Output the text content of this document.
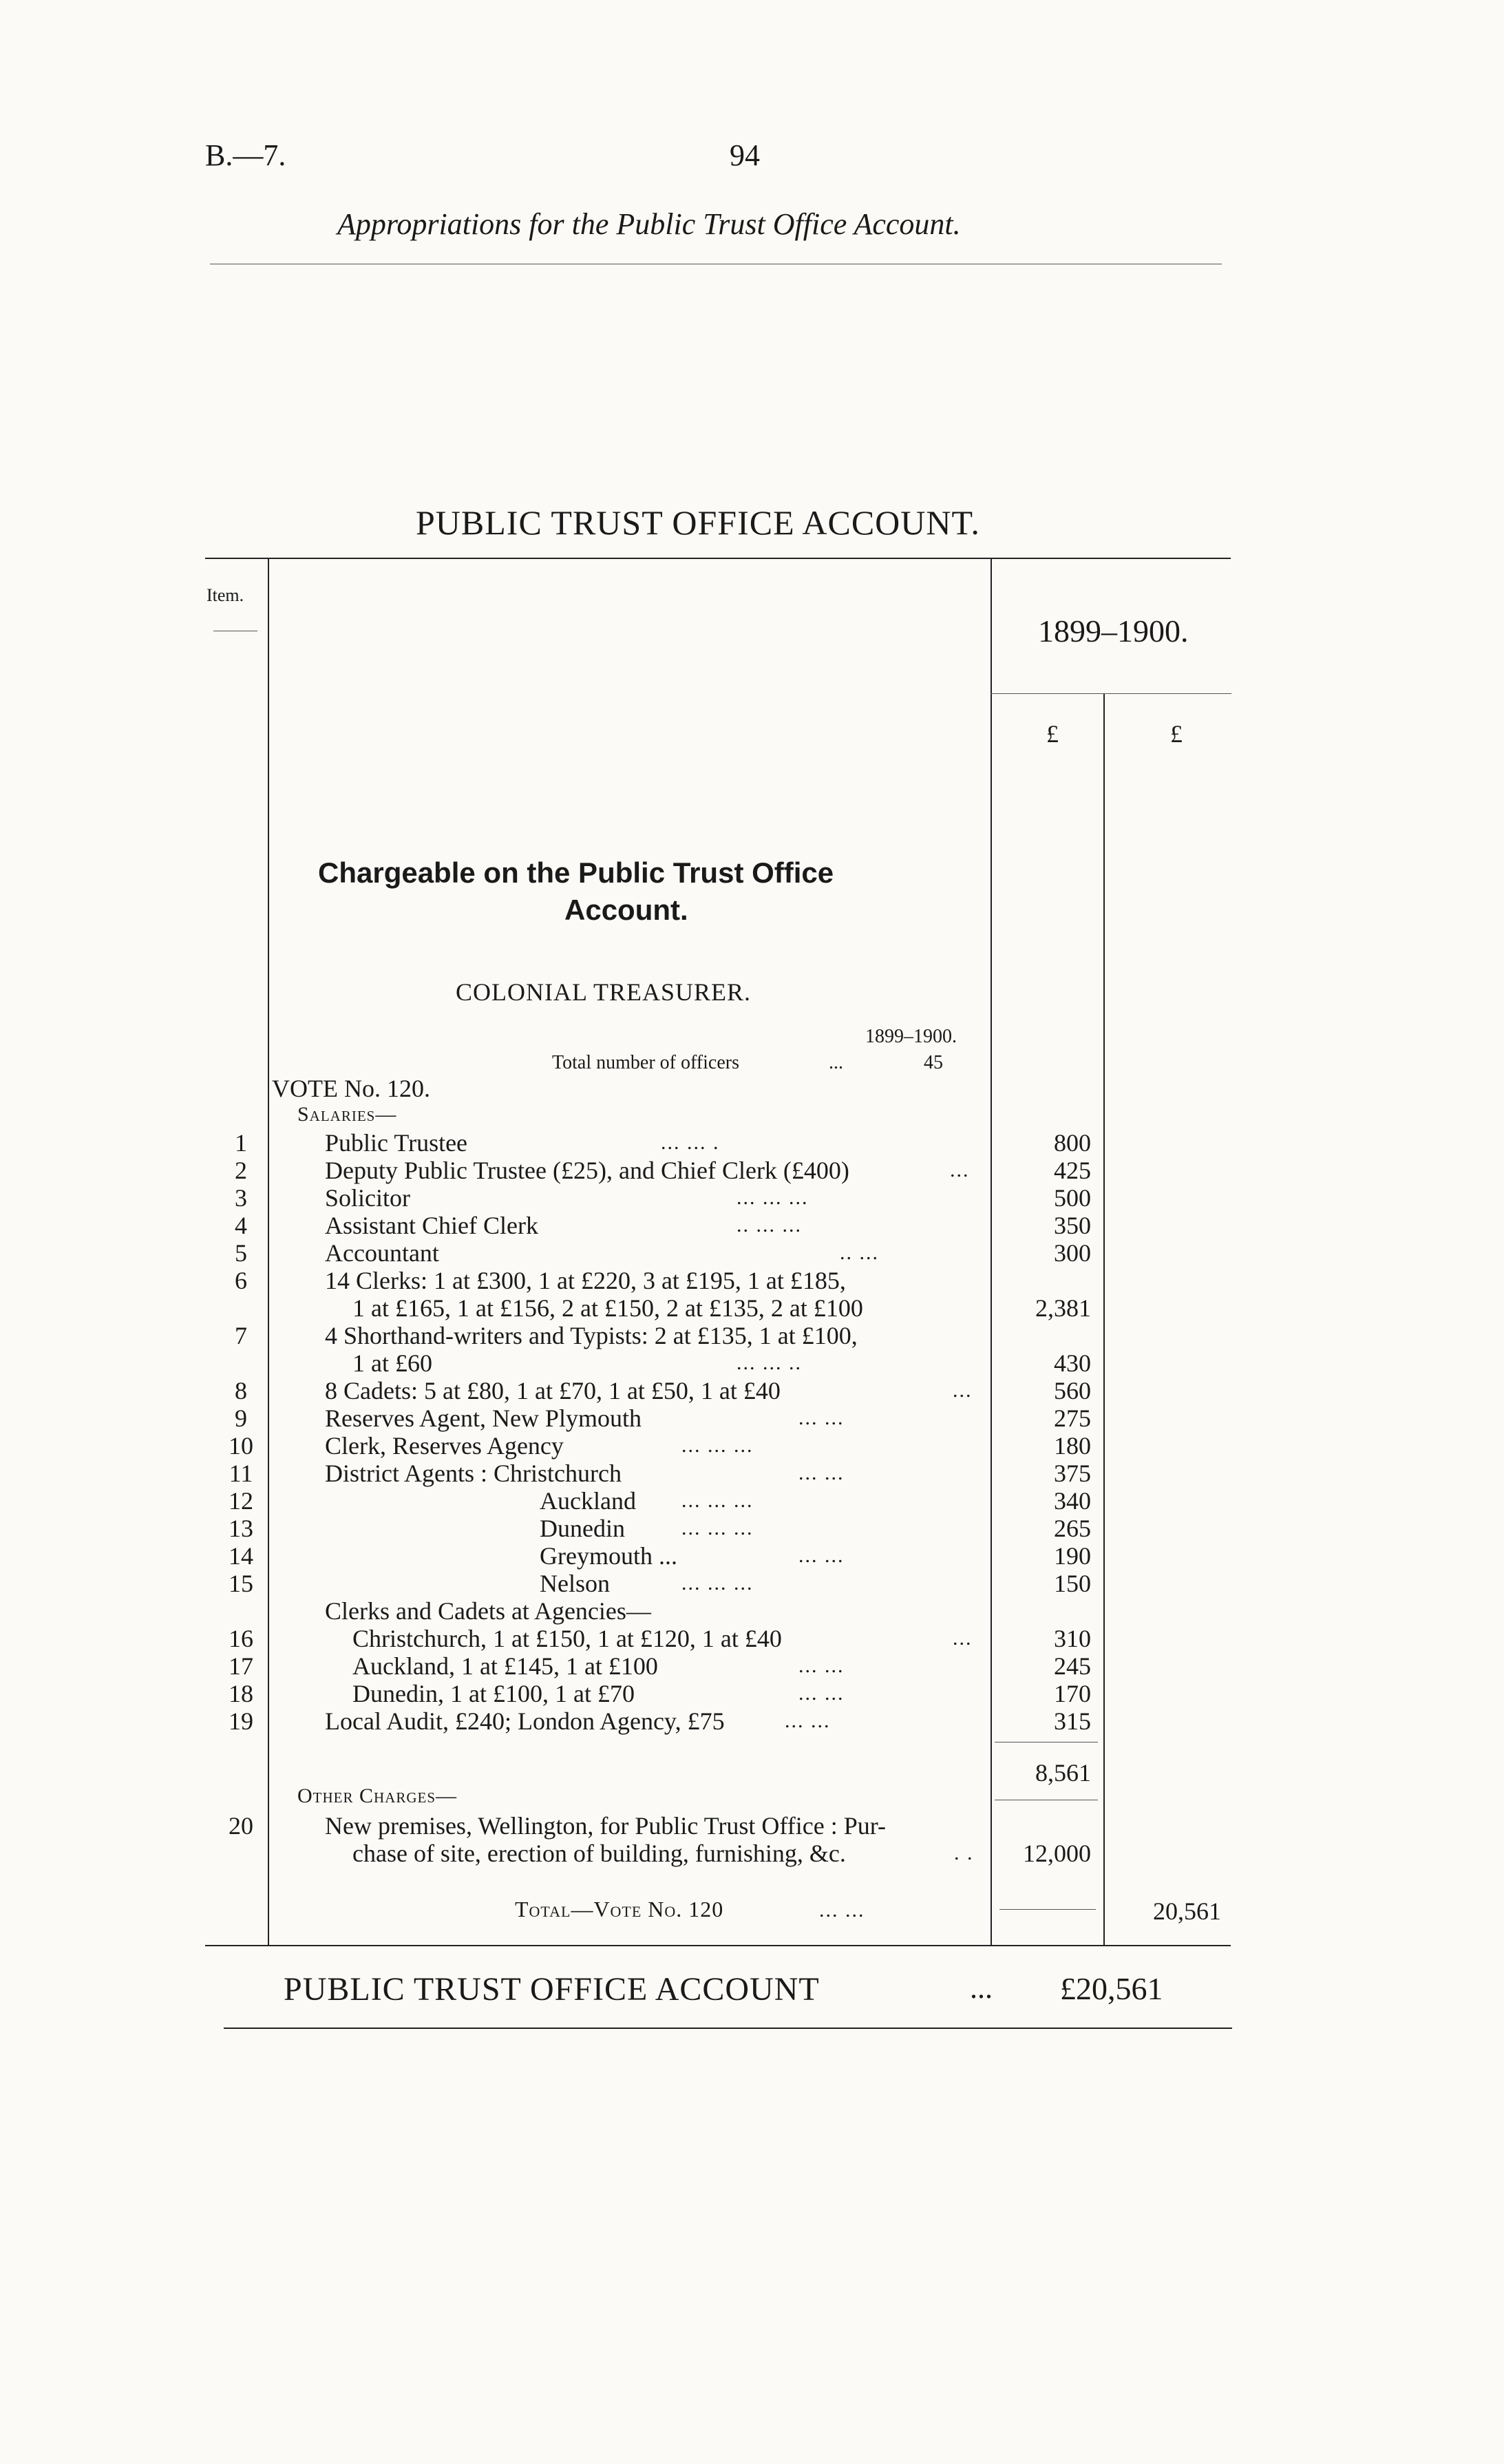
B.—7.	94
Appropriations for the Public Trust Office Account.
PUBLIC TRUST OFFICE ACCOUNT.
Item.
1899–1900.
£	£
Chargeable on the Public Trust Office
Account.
COLONIAL TREASURER.
1899–1900.
Total number of officers	...	45
VOTE No. 120.
Salaries—
1	Public Trustee	... ... .	800
2	Deputy Public Trustee (£25), and Chief Clerk (£400)	...	425
3	Solicitor	... ... ...	500
4	Assistant Chief Clerk	.. ... ...	350
5	Accountant	.. ...	300
6	14 Clerks: 1 at £300, 1 at £220, 3 at £195, 1 at £185,
1 at £165, 1 at £156, 2 at £150, 2 at £135, 2 at £100	2,381
7	4 Shorthand-writers and Typists: 2 at £135, 1 at £100,
1 at £60	... ... ..	430
8	8 Cadets: 5 at £80, 1 at £70, 1 at £50, 1 at £40	...	560
9	Reserves Agent, New Plymouth	... ...	275
10	Clerk, Reserves Agency	... ... ...	180
11	District Agents : Christchurch	... ...	375
12	Auckland ... ... ...	340
13	Dunedin	... ... ...	265
14	Greymouth ...	... ...	190
15	Nelson	... ... ...	150
Clerks and Cadets at Agencies—
16	Christchurch, 1 at £150, 1 at £120, 1 at £40	...	310
17	Auckland, 1 at £145, 1 at £100	... ...	245
18	Dunedin, 1 at £100, 1 at £70	... ...	170
19	Local Audit, £240; London Agency, £75	... ...	315
8,561
Other Charges—
20	New premises, Wellington, for Public Trust Office : Pur-
chase of site, erection of building, furnishing, &c.	. .	12,000
Total—Vote No. 120	... ...	20,561
PUBLIC TRUST OFFICE ACCOUNT	... £20,561
